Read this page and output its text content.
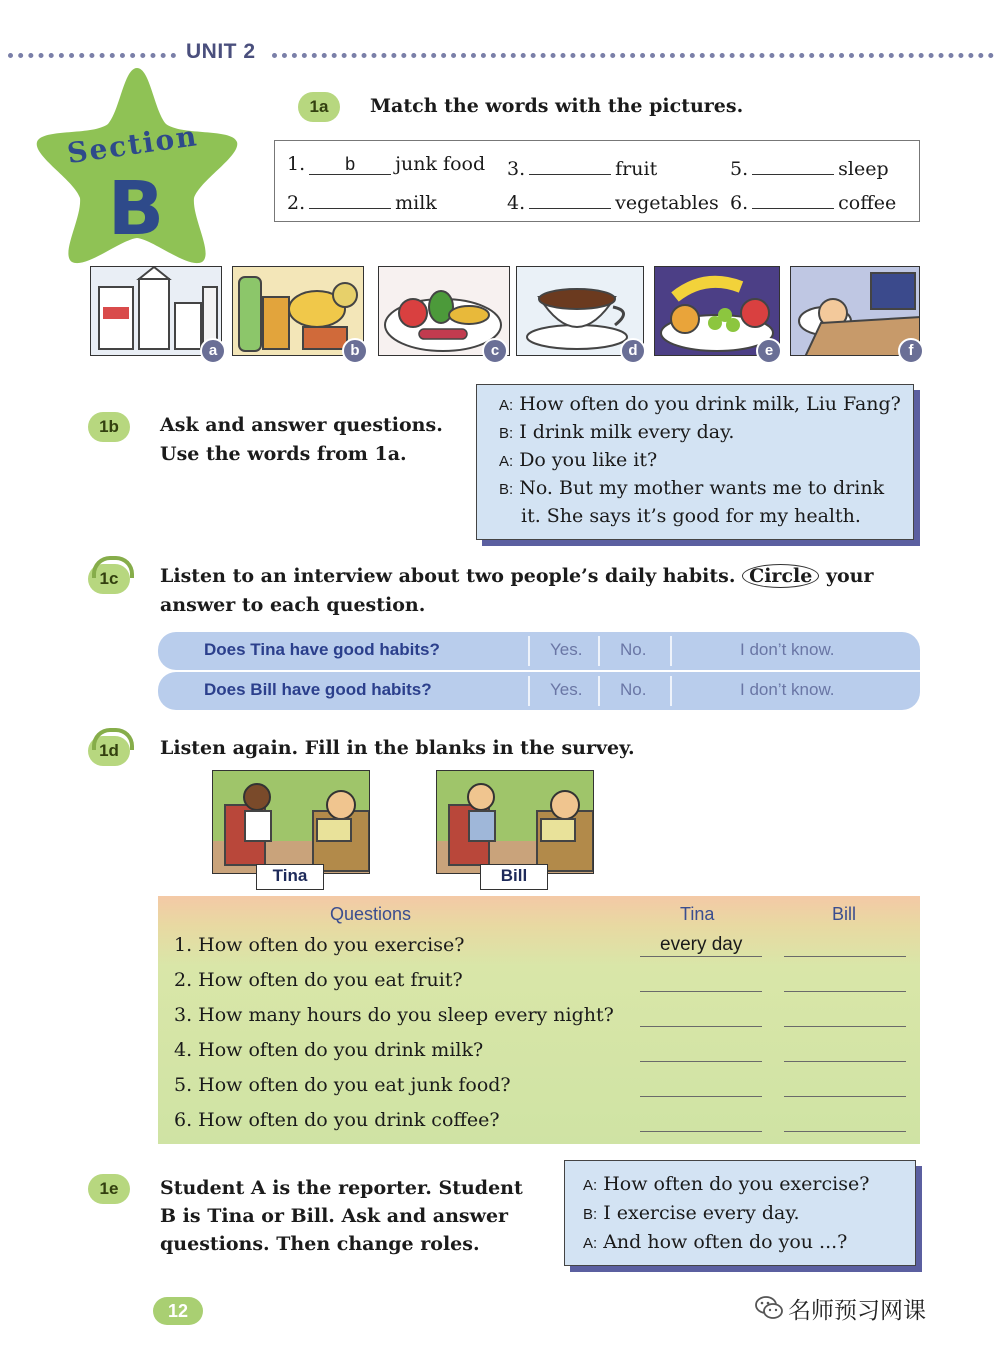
UNIT 2
Section
B
1a	Match the words with the pictures.
1. b junk food 3.	fruit	5.	sleep
2.	milk	4.	vegetables 6.	coffee
a	b	c	d	e	f
1b	Ask and answer questions.
Use the words from 1a.
A: How often do you drink milk, Liu Fang?
B: I drink milk every day.
A: Do you like it?
B: No. But my mother wants me to drink
it. She says it’s good for my health.
1c	Listen to an interview about two people’s daily habits. Circle your
answer to each question.
Does Tina have good habits?	Yes. No.	I don’t know.
Does Bill have good habits?	Yes. No.	I don’t know.
1d	Listen again. Fill in the blanks in the survey.
Tina	Bill
Questions	Tina	Bill
1. How often do you exercise?	every day
2. How often do you eat fruit?
3. How many hours do you sleep every night?
4. How often do you drink milk?
5. How often do you eat junk food?
6. How often do you drink coffee?
1e	Student A is the reporter. Student
B is Tina or Bill. Ask and answer
questions. Then change roles.
A: How often do you exercise?
B: I exercise every day.
A: And how often do you ...?
12	名师预习网课
